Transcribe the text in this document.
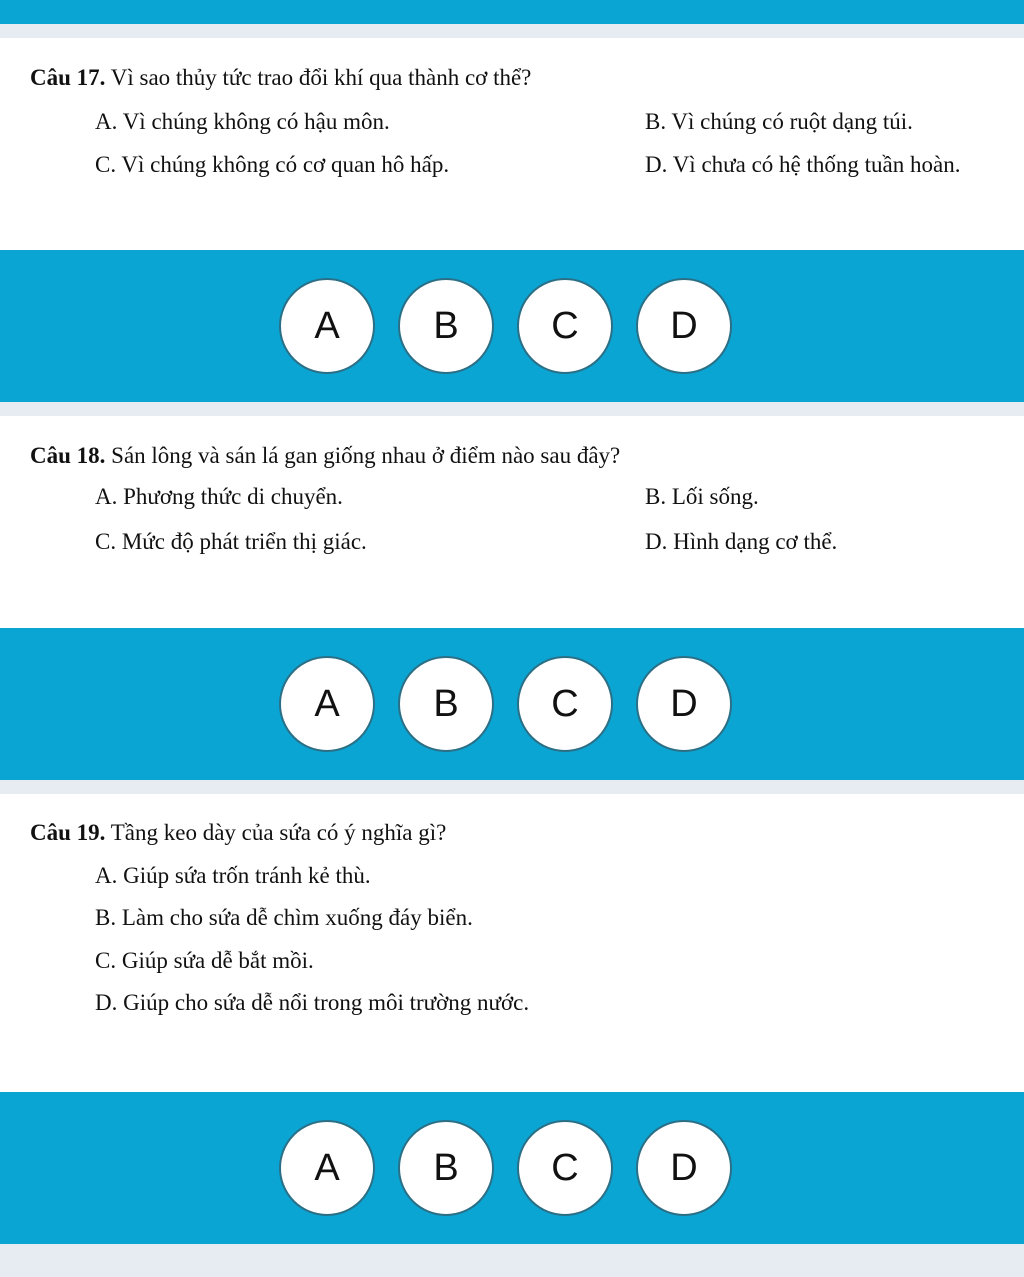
Câu 17. Vì sao thủy tức trao đổi khí qua thành cơ thể?
A. Vì chúng không có hậu môn.	B. Vì chúng có ruột dạng túi.
C. Vì chúng không có cơ quan hô hấp.	D. Vì chưa có hệ thống tuần hoàn.
A	B	C	D
Câu 18. Sán lông và sán lá gan giống nhau ở điểm nào sau đây?
A. Phương thức di chuyển.	B. Lối sống.
C. Mức độ phát triển thị giác.	D. Hình dạng cơ thể.
A	B	C	D
Câu 19. Tầng keo dày của sứa có ý nghĩa gì?
A. Giúp sứa trốn tránh kẻ thù.
B. Làm cho sứa dễ chìm xuống đáy biển.
C. Giúp sứa dễ bắt mồi.
D. Giúp cho sứa dễ nổi trong môi trường nước.
A	B	C	D
